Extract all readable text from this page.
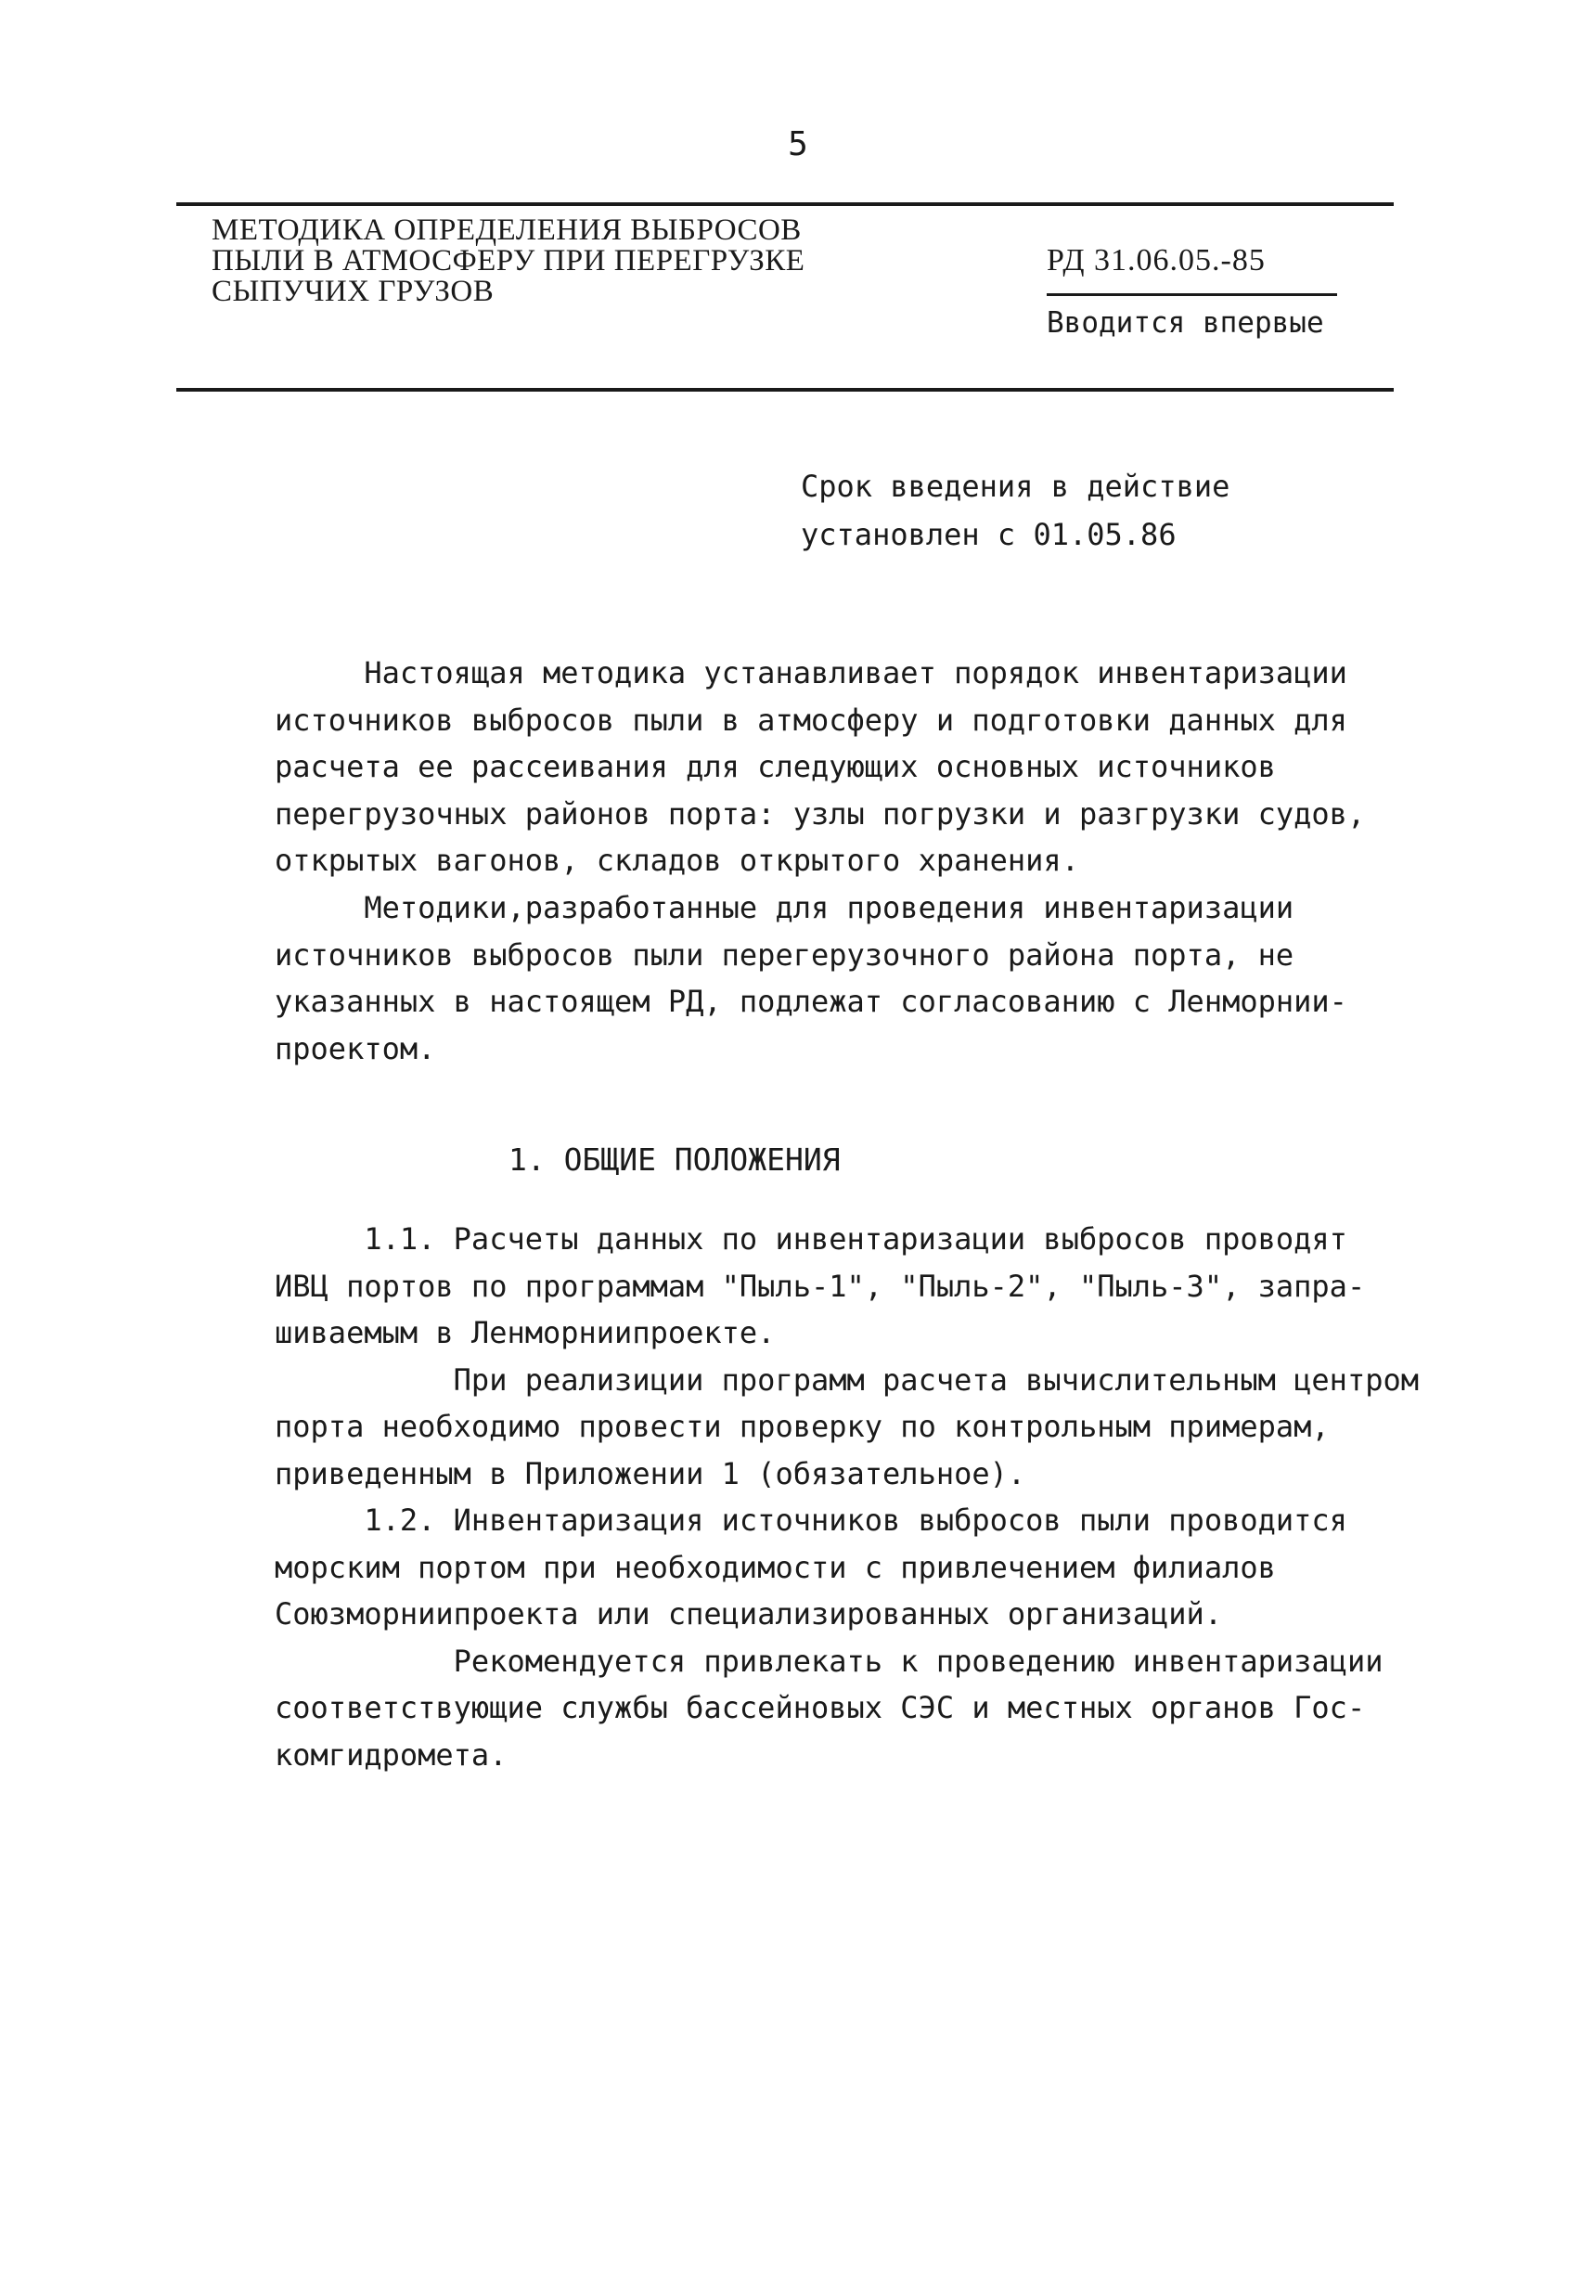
5
МЕТОДИКА ОПРЕДЕЛЕНИЯ ВЫБРОСОВ
ПЫЛИ В АТМОСФЕРУ ПРИ ПЕРЕГРУЗКЕ
СЫПУЧИХ ГРУЗОВ
РД 31.06.05.-85
Вводится впервые
Срок введения в действие
установлен с 01.05.86
Настоящая методика устанавливает порядок инвентаризации
источников выбросов пыли в атмосферу и подготовки данных для
расчета ее рассеивания для следующих основных источников
перегрузочных районов порта: узлы погрузки и разгрузки судов,
открытых вагонов, складов открытого хранения.
Методики,разработанные для проведения инвентаризации
источников выбросов пыли перегерузочного района порта, не
указанных в настоящем РД, подлежат согласованию с Ленморнии-
проектом.
1. ОБЩИЕ ПОЛОЖЕНИЯ
1.1. Расчеты данных по инвентаризации выбросов проводят
ИВЦ портов по программам "Пыль-1", "Пыль-2", "Пыль-3", запра-
шиваемым в Ленморниипроекте.
При реализиции программ расчета вычислительным центром
порта необходимо провести проверку по контрольным примерам,
приведенным в Приложении 1 (обязательное).
1.2. Инвентаризация источников выбросов пыли проводится
морским портом при необходимости с привлечением филиалов
Союзморниипроекта или специализированных организаций.
Рекомендуется привлекать к проведению инвентаризации
соответствующие службы бассейновых СЭС и местных органов Гос-
комгидромета.
